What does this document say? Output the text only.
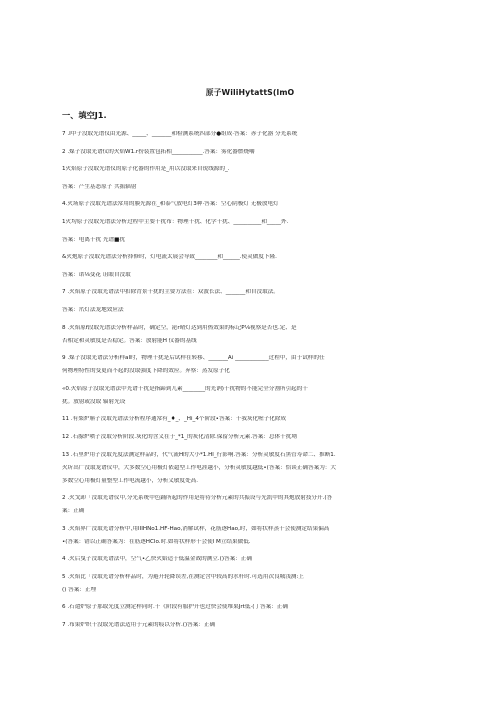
原子WiliHytattS(lmO
一、填空J1.
7 .Ⅰ甲子没取光谱仪由光源、_____、_______和检测系统四部分●组成·答案：赤子化器 分光系统
2 .煤子没取光谱仪的火焰W1.r扮装置包拓相___________.答案：雾化器燃烧嚼
1火焰原子没取光谱仪的原子化器的作用是_用以没取来自锐线源的_.
答案：产生基态原子 共振辐射
4.火场原子没取光谱法常用的膜光源在_和泰气放电灯3种·答案：空心阴极灯 无极放电灯
1火均原子没取光谱法分析过程中主要干扰布：物理干扰、化学干扰、__________和_____外.
答案：电离干扰 光谱■扰
&火炮原子没取光谱法分析择修时，灯电流太展会导致________和______.使灵做度卜隆.
答案：诺⅛变花 诅眼自没取
7 .火焰原子没取光谱法中扣除背景干扰的主要方法在：双波长法、_______和自没取法。
答案：笊灯法龙地效应法
8 .火焰原f段取光谱法分析样品时，确定空，泌r晴灯达到用热效果的标记P⅛视察是否也.定、是
否相定和灵敏度是否稳定。答案：放射能H 仪器的基线
9 .煤子没取光谱法分析样al时，物理干扰是后试样在转移、_______Ai ____________过程中，由于试样的任
何物理特性的变更而不起的没取强度下降的效应。弃察：蒸发原子化
«0.火焰原子没取光谱法中光谱干扰是指蹄到兀素________的光讷)干扰物的不能完全分割所引起的干
扰。放射或没取 辐射光设
11 .有梨炉斛子没取光谱法分析程序通常有_♦_、_Hi_4个阶段•答案：干我灰化喔子化除成
12 .石腺炉喷子没取分析阶段.灰化的含义在于_*1_的灰化清除.保留分析元素.答案：总体干扰坳
13 .石里炉用子没取光度法测定样品时，代气流H的大小*1.Hl_行影响.答案：分析灵敏度石黑管寿命二、推断1.
火圻出广没取龙谱仪中，大多数空心用极灯依超型工作电涯越小，分析灵敏度越低•(答案：恰谈正确答案为：大
多数空心用极灯量整型工作电流越小，分析义敏度处高.
2 .火戈卸「没取光谱仪中,分光系统中色踊所起的作用是将待分析元素的共振设与光凯中的其炮放射技分开.(答
案：正确
3 .火焰界广没取光谱分析中,用lIIHNo1.HF-Hao,消解试样，花筋逐Hao,时，如将状样蒸干会使测定结果偏高
•(答案：错以正确答案为：在筋逐HClo.时.如将状样形干会使l M立结果做低.
4 .火后曳子没取光谱法中，空气•乙快火始适于低温金战的测立.()答案：正确
5 .火焰比「没取光谱分析样品时，为避开轮降误差,在测定含中较高的水杆时.可选用次良城浅测:上
() 答案：正埋
6 .石遣炉原子那取光度立测定样同时.干《阶段有服护开也过快会使堆果Jrt低·(丁答案：正确
7 .布果炉织干没取光谱法适用于元素的痕以分析.()答案：正确
